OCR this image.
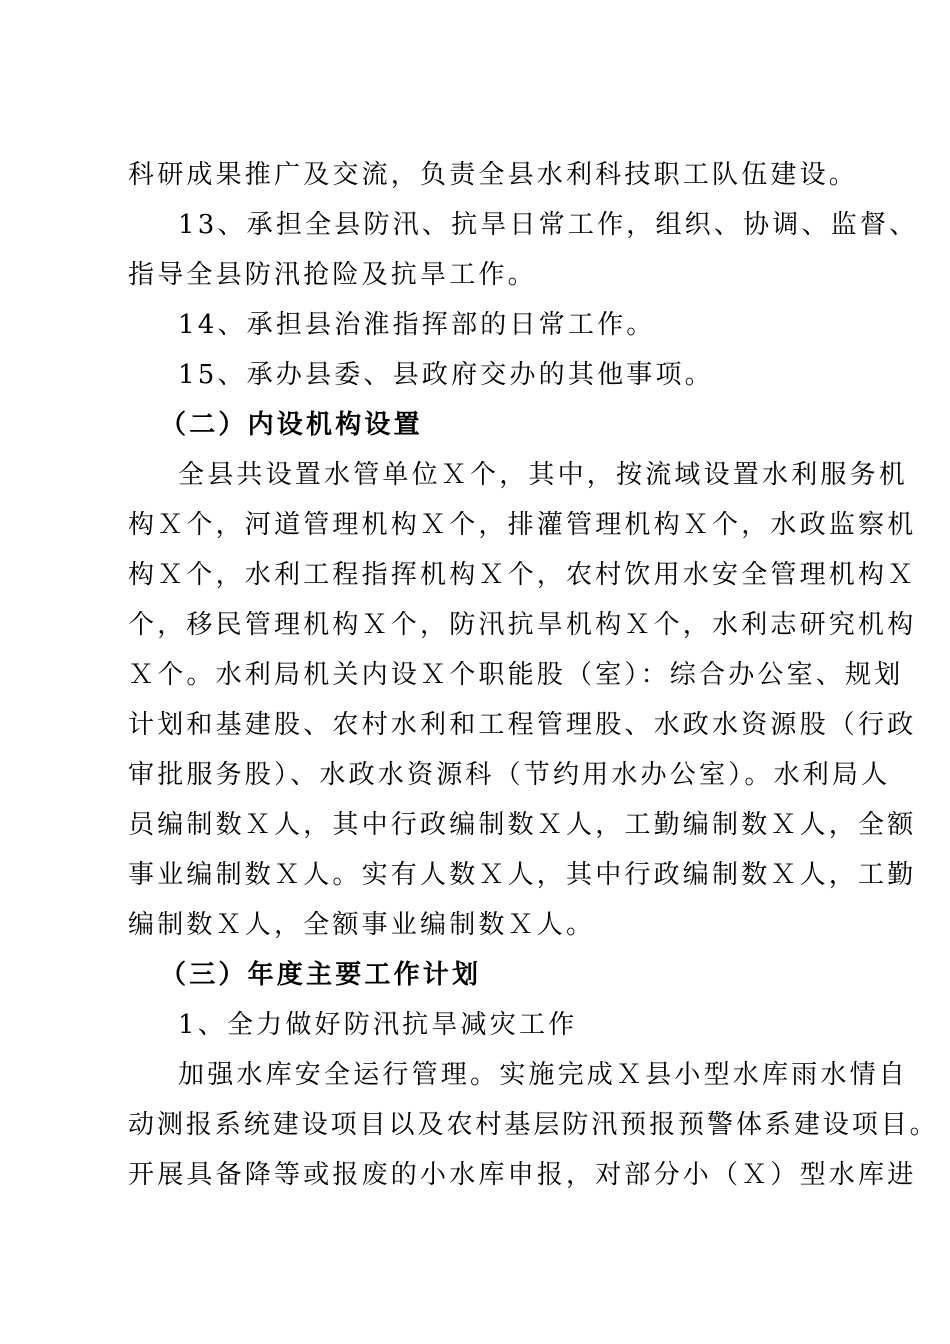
科研成果推广及交流，负责全县水利科技职工队伍建设。
13、承担全县防汛、抗旱日常工作，组织、协调、监督、
指导全县防汛抢险及抗旱工作。
14、承担县治淮指挥部的日常工作。
15、承办县委、县政府交办的其他事项。
（二）内设机构设置
全县共设置水管单位Ｘ个，其中，按流域设置水利服务机
构Ｘ个，河道管理机构Ｘ个，排灌管理机构Ｘ个，水政监察机
构Ｘ个，水利工程指挥机构Ｘ个，农村饮用水安全管理机构Ｘ
个，移民管理机构Ｘ个，防汛抗旱机构Ｘ个，水利志研究机构
Ｘ个。水利局机关内设Ｘ个职能股（室）：综合办公室、规划
计划和基建股、农村水利和工程管理股、水政水资源股（行政
审批服务股）、水政水资源科（节约用水办公室）。水利局人
员编制数Ｘ人，其中行政编制数Ｘ人，工勤编制数Ｘ人，全额
事业编制数Ｘ人。实有人数Ｘ人，其中行政编制数Ｘ人，工勤
编制数Ｘ人，全额事业编制数Ｘ人。
（三）年度主要工作计划
1、全力做好防汛抗旱减灾工作
加强水库安全运行管理。实施完成Ｘ县小型水库雨水情自
动测报系统建设项目以及农村基层防汛预报预警体系建设项目。
开展具备降等或报废的小水库申报，对部分小（Ｘ）型水库进
